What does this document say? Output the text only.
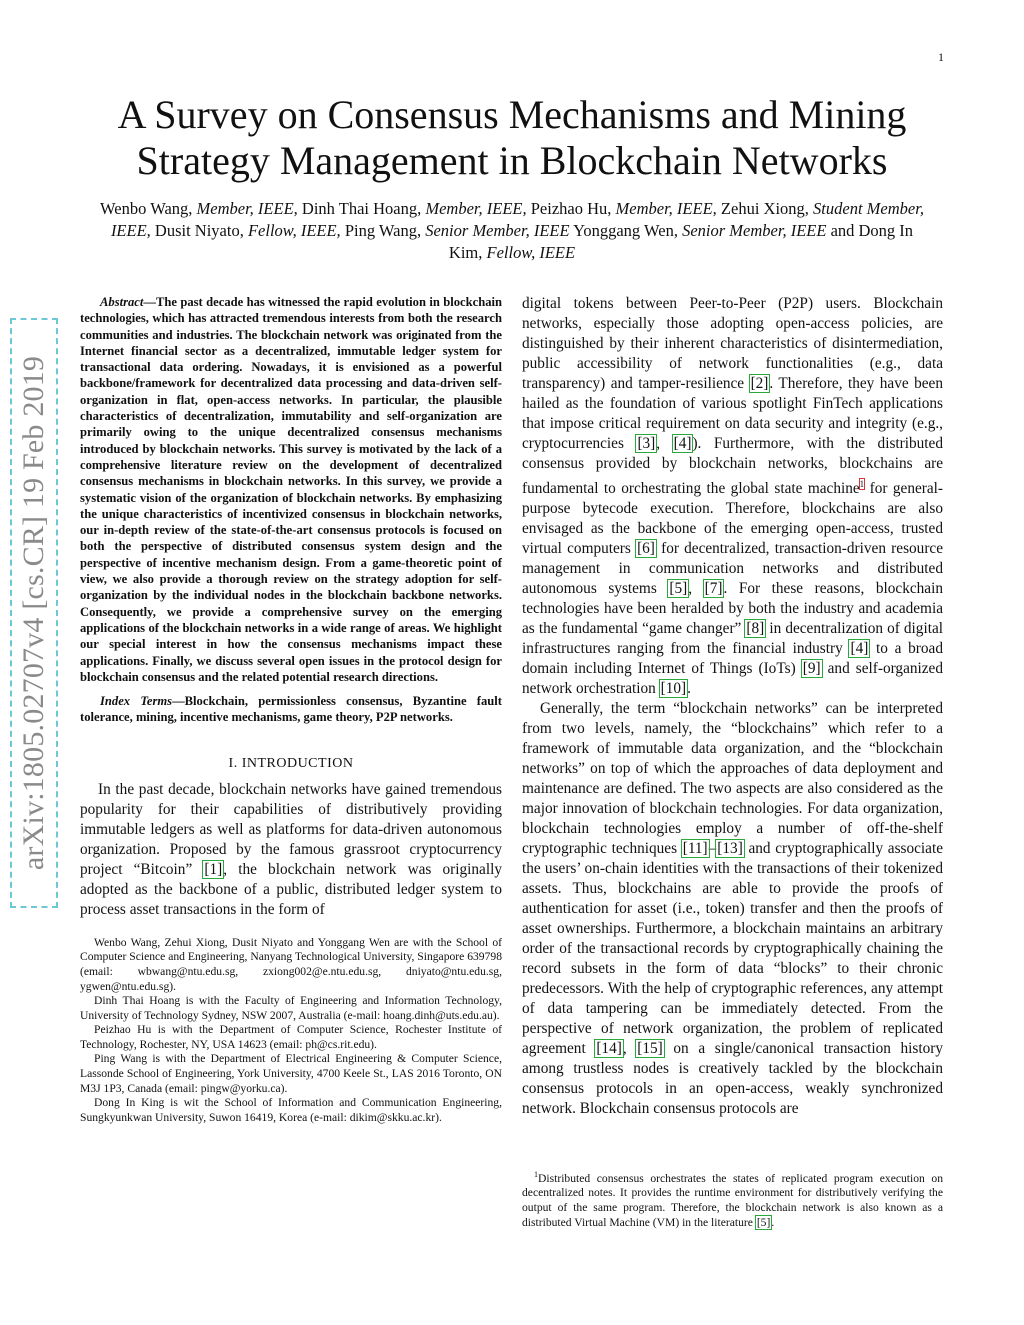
1
arXiv:1805.02707v4 [cs.CR] 19 Feb 2019
A Survey on Consensus Mechanisms and Mining Strategy Management in Blockchain Networks
Wenbo Wang, Member, IEEE, Dinh Thai Hoang, Member, IEEE, Peizhao Hu, Member, IEEE, Zehui Xiong, Student Member, IEEE, Dusit Niyato, Fellow, IEEE, Ping Wang, Senior Member, IEEE Yonggang Wen, Senior Member, IEEE and Dong In Kim, Fellow, IEEE

Abstract—The past decade has witnessed the rapid evolution in blockchain technologies, which has attracted tremendous interests from both the research communities and industries. The blockchain network was originated from the Internet financial sector as a decentralized, immutable ledger system for transactional data ordering. Nowadays, it is envisioned as a powerful backbone/framework for decentralized data processing and data-driven self-organization in flat, open-access networks. In particular, the plausible characteristics of decentralization, immutability and self-organization are primarily owing to the unique decentralized consensus mechanisms introduced by blockchain networks. This survey is motivated by the lack of a comprehensive literature review on the development of decentralized consensus mechanisms in blockchain networks. In this survey, we provide a systematic vision of the organization of blockchain networks. By emphasizing the unique characteristics of incentivized consensus in blockchain networks, our in-depth review of the state-of-the-art consensus protocols is focused on both the perspective of distributed consensus system design and the perspective of incentive mechanism design. From a game-theoretic point of view, we also provide a thorough review on the strategy adoption for self-organization by the individual nodes in the blockchain backbone networks. Consequently, we provide a comprehensive survey on the emerging applications of the blockchain networks in a wide range of areas. We highlight our special interest in how the consensus mechanisms impact these applications. Finally, we discuss several open issues in the protocol design for blockchain consensus and the related potential research directions.

Index Terms—Blockchain, permissionless consensus, Byzantine fault tolerance, mining, incentive mechanisms, game theory, P2P networks.

I. INTRODUCTION

In the past decade, blockchain networks have gained tremendous popularity for their capabilities of distributively providing immutable ledgers as well as platforms for data-driven autonomous organization. Proposed by the famous grassroot cryptocurrency project “Bitcoin” [1], the blockchain network was originally adopted as the backbone of a public, distributed ledger system to process asset transactions in the form of

Wenbo Wang, Zehui Xiong, Dusit Niyato and Yonggang Wen are with the School of Computer Science and Engineering, Nanyang Technological University, Singapore 639798 (email: wbwang@ntu.edu.sg, zxiong002@e.ntu.edu.sg, dniyato@ntu.edu.sg, ygwen@ntu.edu.sg).

Dinh Thai Hoang is with the Faculty of Engineering and Information Technology, University of Technology Sydney, NSW 2007, Australia (e-mail: hoang.dinh@uts.edu.au).

Peizhao Hu is with the Department of Computer Science, Rochester Institute of Technology, Rochester, NY, USA 14623 (email: ph@cs.rit.edu).

Ping Wang is with the Department of Electrical Engineering & Computer Science, Lassonde School of Engineering, York University, 4700 Keele St., LAS 2016 Toronto, ON M3J 1P3, Canada (email: pingw@yorku.ca).

Dong In King is wit the School of Information and Communication Engineering, Sungkyunkwan University, Suwon 16419, Korea (e-mail: dikim@skku.ac.kr).

digital tokens between Peer-to-Peer (P2P) users. Blockchain networks, especially those adopting open-access policies, are distinguished by their inherent characteristics of disintermediation, public accessibility of network functionalities (e.g., data transparency) and tamper-resilience [2]. Therefore, they have been hailed as the foundation of various spotlight FinTech applications that impose critical requirement on data security and integrity (e.g., cryptocurrencies [3], [4]). Furthermore, with the distributed consensus provided by blockchain networks, blockchains are fundamental to orchestrating the global state machine$^1$ for general-purpose bytecode execution. Therefore, blockchains are also envisaged as the backbone of the emerging open-access, trusted virtual computers [6] for decentralized, transaction-driven resource management in communication networks and distributed autonomous systems [5], [7]. For these reasons, blockchain technologies have been heralded by both the industry and academia as the fundamental “game changer” [8] in decentralization of digital infrastructures ranging from the financial industry [4] to a broad domain including Internet of Things (IoTs) [9] and self-organized network orchestration [10].

Generally, the term “blockchain networks” can be interpreted from two levels, namely, the “blockchains” which refer to a framework of immutable data organization, and the “blockchain networks” on top of which the approaches of data deployment and maintenance are defined. The two aspects are also considered as the major innovation of blockchain technologies. For data organization, blockchain technologies employ a number of off-the-shelf cryptographic techniques [11]–[13] and cryptographically associate the users’ on-chain identities with the transactions of their tokenized assets. Thus, blockchains are able to provide the proofs of authentication for asset (i.e., token) transfer and then the proofs of asset ownerships. Furthermore, a blockchain maintains an arbitrary order of the transactional records by cryptographically chaining the record subsets in the form of data “blocks” to their chronic predecessors. With the help of cryptographic references, any attempt of data tampering can be immediately detected. From the perspective of network organization, the problem of replicated agreement [14], [15] on a single/canonical transaction history among trustless nodes is creatively tackled by the blockchain consensus protocols in an open-access, weakly synchronized network. Blockchain consensus protocols are

$^1$Distributed consensus orchestrates the states of replicated program execution on decentralized notes. It provides the runtime environment for distributively verifying the output of the same program. Therefore, the blockchain network is also known as a distributed Virtual Machine (VM) in the literature [5].
